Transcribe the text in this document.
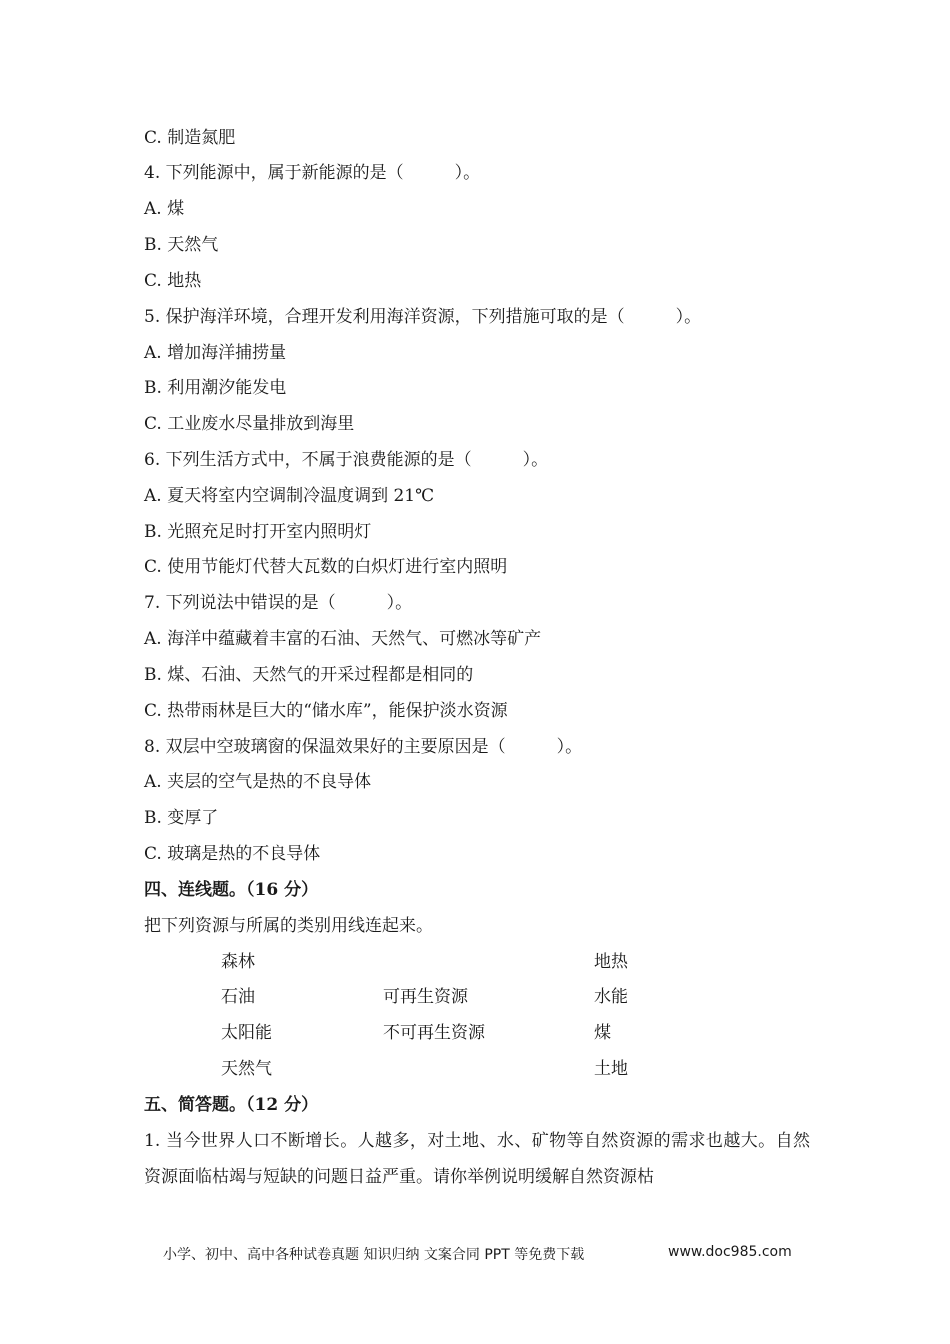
C. 制造氮肥
4. 下列能源中，属于新能源的是（　　　）。
A. 煤
B. 天然气
C. 地热
5. 保护海洋环境，合理开发利用海洋资源，下列措施可取的是（　　　）。
A. 增加海洋捕捞量
B. 利用潮汐能发电
C. 工业废水尽量排放到海里
6. 下列生活方式中，不属于浪费能源的是（　　　）。
A. 夏天将室内空调制冷温度调到 21℃
B. 光照充足时打开室内照明灯
C. 使用节能灯代替大瓦数的白炽灯进行室内照明
7. 下列说法中错误的是（　　　）。
A. 海洋中蕴藏着丰富的石油、天然气、可燃冰等矿产
B. 煤、石油、天然气的开采过程都是相同的
C. 热带雨林是巨大的“储水库”，能保护淡水资源
8. 双层中空玻璃窗的保温效果好的主要原因是（　　　）。
A. 夹层的空气是热的不良导体
B. 变厚了
C. 玻璃是热的不良导体
四、连线题。（16 分）
把下列资源与所属的类别用线连起来。
森林
石油
太阳能
天然气
可再生资源
不可再生资源
地热
水能
煤
土地
五、简答题。（12 分）
1. 当今世界人口不断增长。人越多，对土地、水、矿物等自然资源的需求也越大。自然资源面临枯竭与短缺的问题日益严重。请你举例说明缓解自然资源枯
小学、初中、高中各种试卷真题 知识归纳 文案合同 PPT 等免费下载	www.doc985.com
